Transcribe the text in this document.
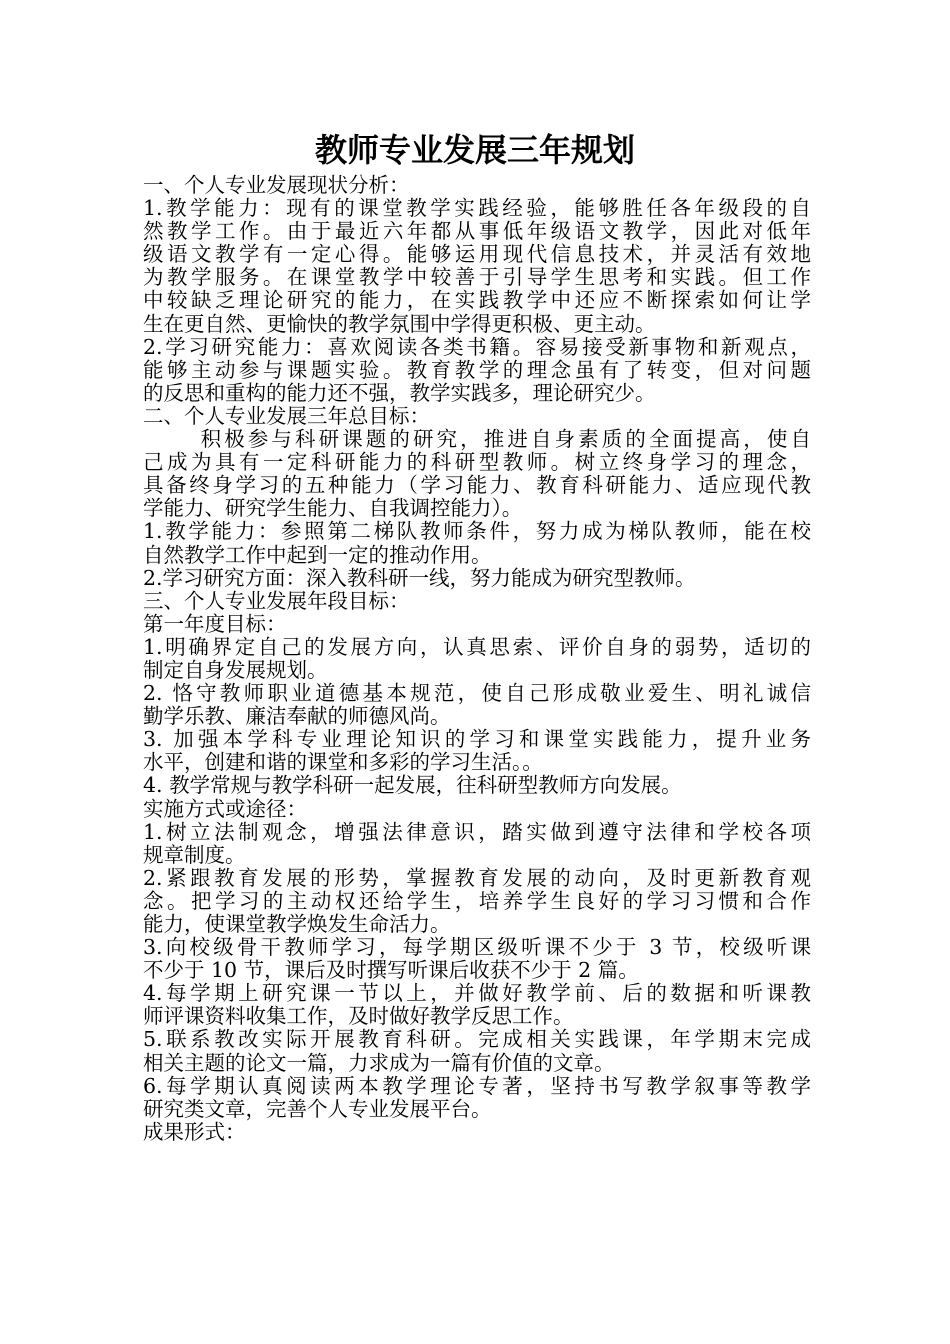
教师专业发展三年规划
一、个人专业发展现状分析：
1.教学能力：现有的课堂教学实践经验，能够胜任各年级段的自
然教学工作。由于最近六年都从事低年级语文教学，因此对低年
级语文教学有一定心得。能够运用现代信息技术，并灵活有效地
为教学服务。在课堂教学中较善于引导学生思考和实践。但工作
中较缺乏理论研究的能力，在实践教学中还应不断探索如何让学
生在更自然、更愉快的教学氛围中学得更积极、更主动。
2.学习研究能力：喜欢阅读各类书籍。容易接受新事物和新观点，
能够主动参与课题实验。教育教学的理念虽有了转变，但对问题
的反思和重构的能力还不强，教学实践多，理论研究少。
二、个人专业发展三年总目标：
积极参与科研课题的研究，推进自身素质的全面提高，使自
己成为具有一定科研能力的科研型教师。树立终身学习的理念，
具备终身学习的五种能力（学习能力、教育科研能力、适应现代教
学能力、研究学生能力、自我调控能力）。
1.教学能力：参照第二梯队教师条件，努力成为梯队教师，能在校
自然教学工作中起到一定的推动作用。
2.学习研究方面：深入教科研一线，努力能成为研究型教师。
三、个人专业发展年段目标：
第一年度目标：
1.明确界定自己的发展方向，认真思索、评价自身的弱势，适切的
制定自身发展规划。
2. 恪守教师职业道德基本规范，使自己形成敬业爱生、明礼诚信
勤学乐教、廉洁奉献的师德风尚。
3. 加强本学科专业理论知识的学习和课堂实践能力，提升业务
水平，创建和谐的课堂和多彩的学习生活。。
4. 教学常规与教学科研一起发展，往科研型教师方向发展。
实施方式或途径：
1.树立法制观念，增强法律意识，踏实做到遵守法律和学校各项
规章制度。
2.紧跟教育发展的形势，掌握教育发展的动向，及时更新教育观
念。把学习的主动权还给学生，培养学生良好的学习习惯和合作
能力，使课堂教学焕发生命活力。
3.向校级骨干教师学习，每学期区级听课不少于 3 节，校级听课
不少于 10 节，课后及时撰写听课后收获不少于 2 篇。
4.每学期上研究课一节以上，并做好教学前、后的数据和听课教
师评课资料收集工作，及时做好教学反思工作。
5.联系教改实际开展教育科研。完成相关实践课，年学期末完成
相关主题的论文一篇，力求成为一篇有价值的文章。
6.每学期认真阅读两本教学理论专著，坚持书写教学叙事等教学
研究类文章，完善个人专业发展平台。
成果形式：
